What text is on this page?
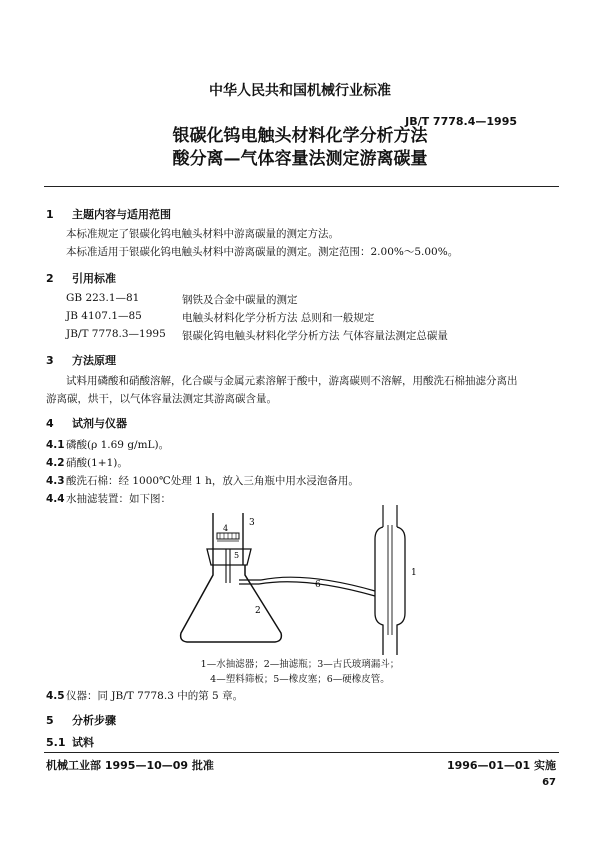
中华人民共和国机械行业标准
JB/T 7778.4—1995
银碳化钨电触头材料化学分析方法
酸分离—气体容量法测定游离碳量
1 主题内容与适用范围
本标准规定了银碳化钨电触头材料中游离碳量的测定方法。
本标准适用于银碳化钨电触头材料中游离碳量的测定。测定范围：2.00%～5.00%。
2 引用标准
GB 223.1—81	钢铁及合金中碳量的测定
JB 4107.1—85	电触头材料化学分析方法 总则和一般规定
JB/T 7778.3—1995 银碳化钨电触头材料化学分析方法 气体容量法测定总碳量
3 方法原理
试料用磷酸和硝酸溶解，化合碳与金属元素溶解于酸中，游离碳则不溶解，用酸洗石棉抽滤分离出
游离碳，烘干，以气体容量法测定其游离碳含量。
4 试剂与仪器
4.1磷酸(ρ 1.69 g/mL)。
4.2硝酸(1+1)。
4.3酸洗石棉：经 1000℃处理 1 h，放入三角瓶中用水浸泡备用。
4.4水抽滤装置：如下图：
3
4
5
2
6
1
1—水抽滤器；2—抽滤瓶；3—古氏玻璃漏斗；
4—塑料筛板；5—橡皮塞；6—硬橡皮管。
4.5仪器：同 JB/T 7778.3 中的第 5 章。
5 分析步骤
5.1 试料
机械工业部 1995—10—09 批准	1996—01—01 实施
67
